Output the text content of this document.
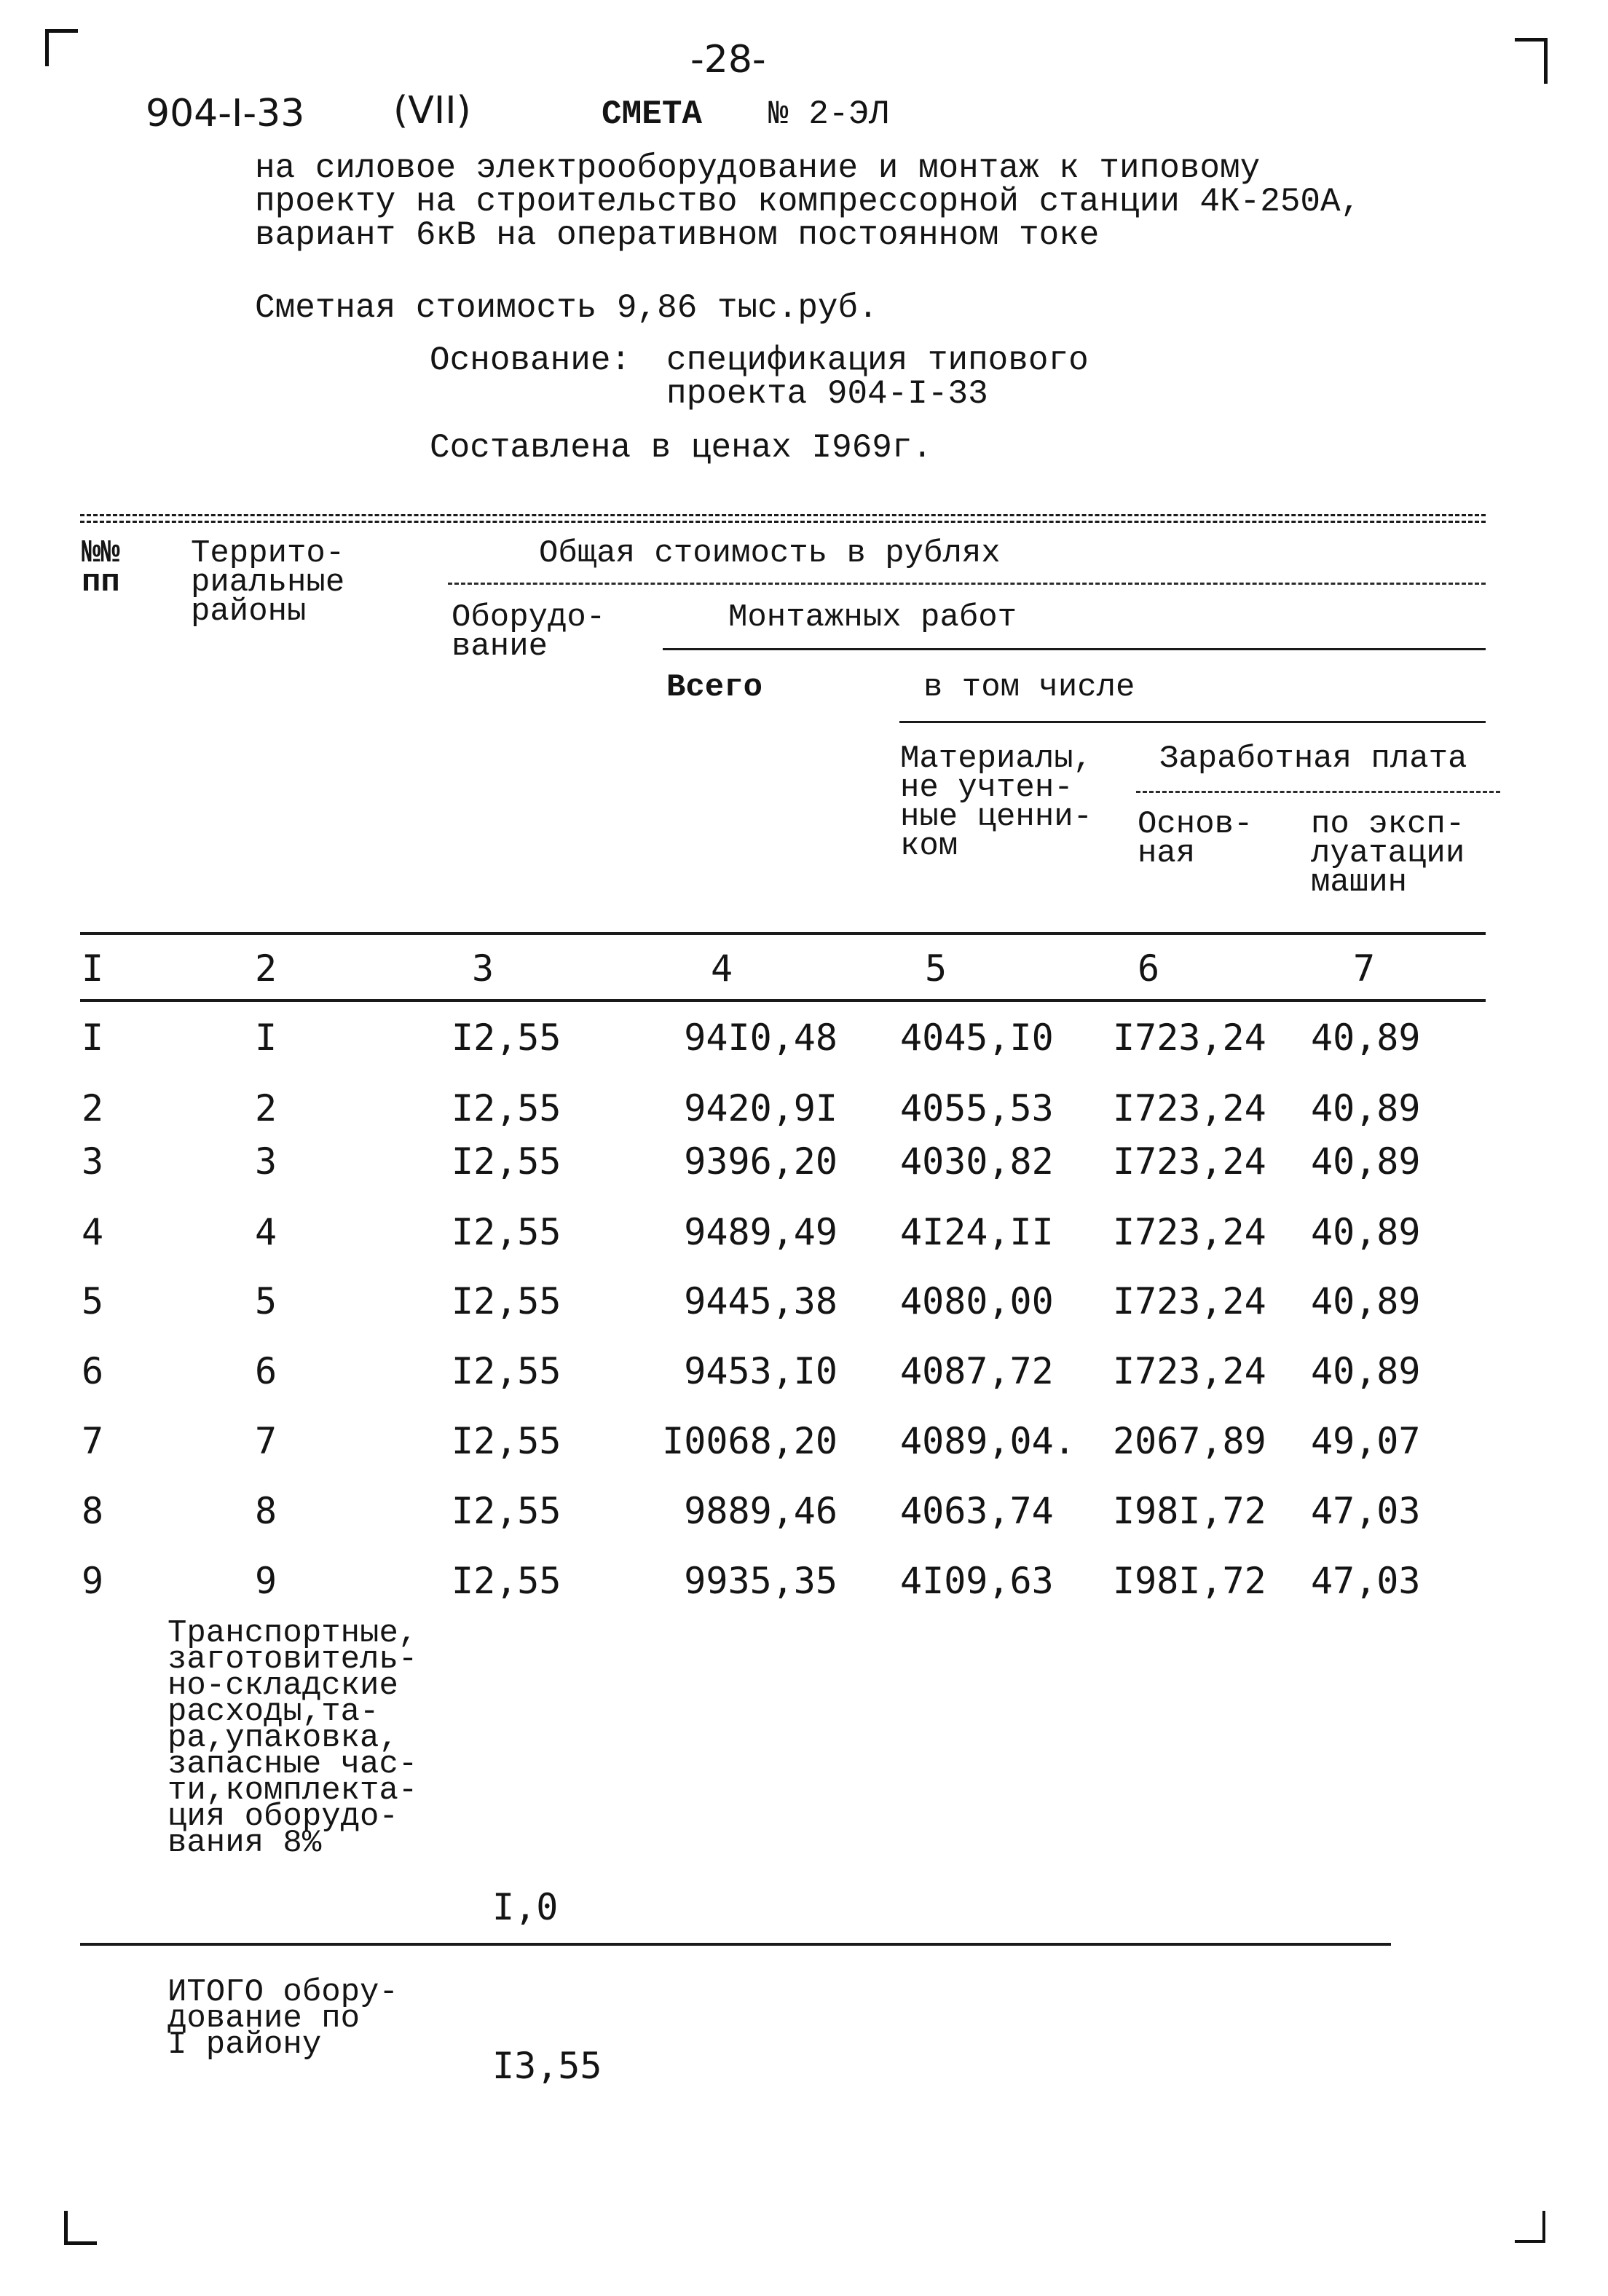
-28-
904-I-33 (VII)	СМЕТА № 2-ЭЛ
на силовое электрооборудование и монтаж к типовому
проекту на строительство компрессорной станции 4К-250А,
вариант 6кВ на оперативном постоянном токе
Сметная стоимость 9,86 тыс.руб.
Основание: спецификация типового
проекта 904-I-33
Составлена в ценах I969г.
№№
пп
Террито-
риальные
районы
Общая стоимость в рублях
Оборудо-
вание
Монтажных работ
Всего	в том числе
Материалы,
не учтен-
ные ценни-
ком
Заработная плата
Основ-
ная
по эксп-
луатации
машин
I	2	3	4	5	6	7
I	I	I2,55	94I0,48 4045,I0 I723,24 40,89
2	2	I2,55	9420,9I 4055,53 I723,24 40,89
3	3	I2,55	9396,20 4030,82 I723,24 40,89
4	4	I2,55	9489,49 4I24,II I723,24 40,89
5	5	I2,55	9445,38 4080,00 I723,24 40,89
6	6	I2,55	9453,I0 4087,72 I723,24 40,89
7	7	I2,55	I0068,20 4089,04. 2067,89 49,07
8	8	I2,55	9889,46 4063,74 I98I,72 47,03
9	9	I2,55	9935,35 4I09,63 I98I,72 47,03
Транспортные,
заготовитель-
но-складские
расходы,та-
ра,упаковка,
запасные час-
ти,комплекта-
ция оборудо-
вания 8%
I,0
ИТОГО обору-
дование по
I району	I3,55
